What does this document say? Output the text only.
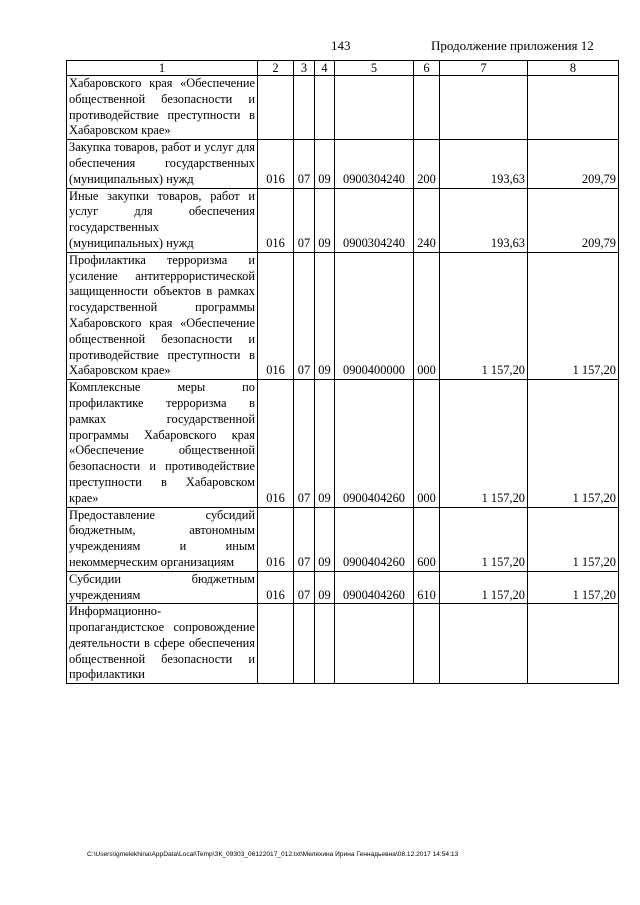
143	Продолжение приложения 12
1	2	3	4	5	6	7	8
Хабаровского края «Обеспечение общественной безопасности и противодействие преступности в Хабаровском крае»							
Закупка товаров, работ и услуг для обеспечения государственных (муниципальных) нужд	016	07	09	0900304240	200	193,63	209,79
Иные закупки товаров, работ и услуг для обеспечения государственных (муниципальных) нужд	016	07	09	0900304240	240	193,63	209,79
Профилактика терроризма и усиление антитеррористической защищенности объектов в рамках государственной программы Хабаровского края «Обеспечение общественной безопасности и противодействие преступности в Хабаровском крае»	016	07	09	0900400000	000	1 157,20	1 157,20
Комплексные меры по профилактике терроризма в рамках государственной программы Хабаровского края «Обеспечение общественной безопасности и противодействие преступности в Хабаровском крае»	016	07	09	0900404260	000	1 157,20	1 157,20
Предоставление субсидий бюджетным, автономным учреждениям и иным некоммерческим организациям	016	07	09	0900404260	600	1 157,20	1 157,20
Субсидии бюджетным учреждениям	016	07	09	0900404260	610	1 157,20	1 157,20
Информационно-пропагандистское сопровождение деятельности в сфере обеспечения общественной безопасности и профилактики							
C:\Users\igmelekhina\AppData\Local\Temp\ЗК_09303_06122017_012.txt\Мелехина Ирина Геннадьевна\08.12.2017 14:54:13
